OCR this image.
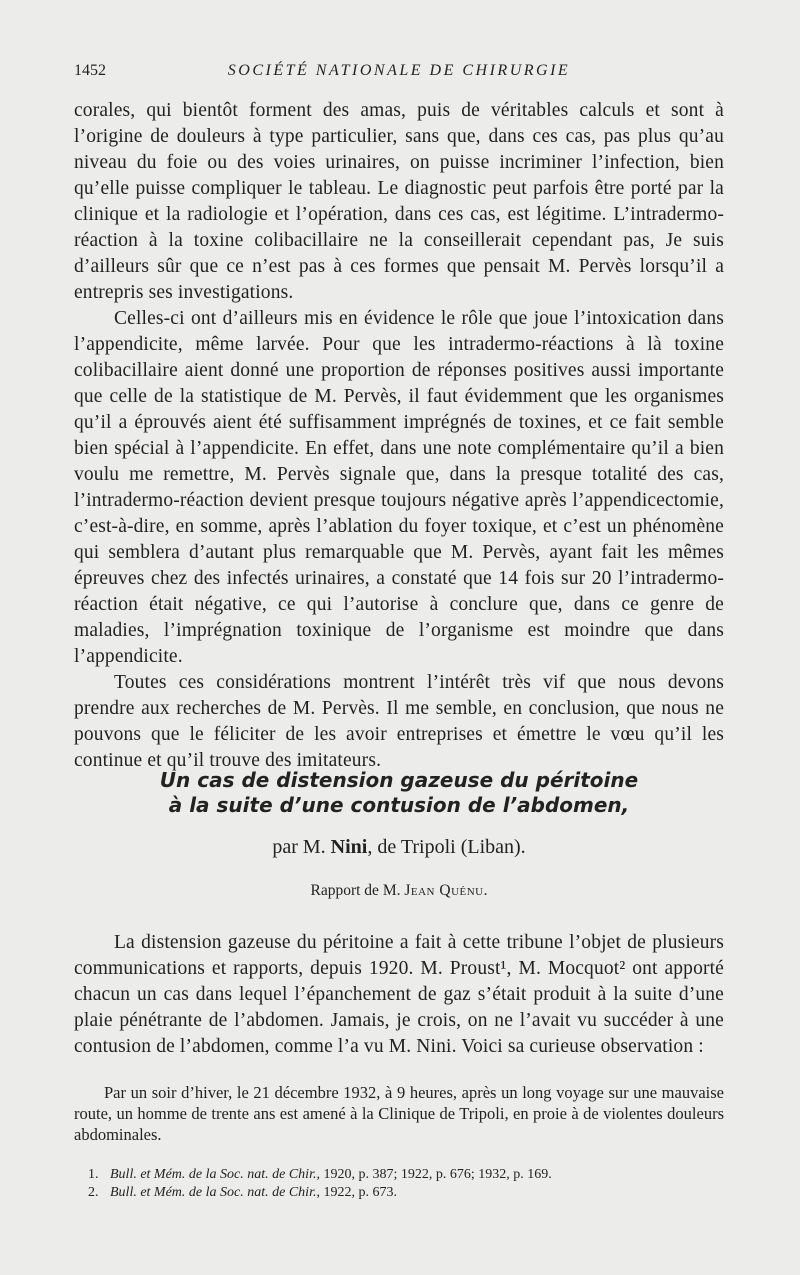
1452	SOCIÉTÉ NATIONALE DE CHIRURGIE

corales, qui bientôt forment des amas, puis de véritables calculs et sont à l’origine de douleurs à type particulier, sans que, dans ces cas, pas plus qu’au niveau du foie ou des voies urinaires, on puisse incriminer l’infection, bien qu’elle puisse compliquer le tableau. Le diagnostic peut parfois être porté par la clinique et la radiologie et l’opération, dans ces cas, est légitime. L’intradermo-réaction à la toxine colibacillaire ne la conseillerait cependant pas, Je suis d’ailleurs sûr que ce n’est pas à ces formes que pensait M. Pervès lorsqu’il a entrepris ses investigations.

Celles-ci ont d’ailleurs mis en évidence le rôle que joue l’intoxication dans l’appendicite, même larvée. Pour que les intradermo-réactions à là toxine colibacillaire aient donné une proportion de réponses positives aussi importante que celle de la statistique de M. Pervès, il faut évidemment que les organismes qu’il a éprouvés aient été suffisamment imprégnés de toxines, et ce fait semble bien spécial à l’appendicite. En effet, dans une note complémentaire qu’il a bien voulu me remettre, M. Pervès signale que, dans la presque totalité des cas, l’intradermo-réaction devient presque toujours négative après l’appendicectomie, c’est-à-dire, en somme, après l’ablation du foyer toxique, et c’est un phénomène qui semblera d’autant plus remarquable que M. Pervès, ayant fait les mêmes épreuves chez des infectés urinaires, a constaté que 14 fois sur 20 l’intradermo-réaction était négative, ce qui l’autorise à conclure que, dans ce genre de maladies, l’imprégnation toxinique de l’organisme est moindre que dans l’appendicite.

Toutes ces considérations montrent l’intérêt très vif que nous devons prendre aux recherches de M. Pervès. Il me semble, en conclusion, que nous ne pouvons que le féliciter de les avoir entreprises et émettre le vœu qu’il les continue et qu’il trouve des imitateurs.

Un cas de distension gazeuse du péritoine
à la suite d’une contusion de l’abdomen,
par M. Nini, de Tripoli (Liban).
Rapport de M. Jean Quénu.

La distension gazeuse du péritoine a fait à cette tribune l’objet de plusieurs communications et rapports, depuis 1920. M. Proust¹, M. Mocquot² ont apporté chacun un cas dans lequel l’épanchement de gaz s’était produit à la suite d’une plaie pénétrante de l’abdomen. Jamais, je crois, on ne l’avait vu succéder à une contusion de l’abdomen, comme l’a vu M. Nini. Voici sa curieuse observation :

Par un soir d’hiver, le 21 décembre 1932, à 9 heures, après un long voyage sur une mauvaise route, un homme de trente ans est amené à la Clinique de Tripoli, en proie à de violentes douleurs abdominales.

1. Bull. et Mém. de la Soc. nat. de Chir., 1920, p. 387; 1922, p. 676; 1932, p. 169.

2. Bull. et Mém. de la Soc. nat. de Chir., 1922, p. 673.
